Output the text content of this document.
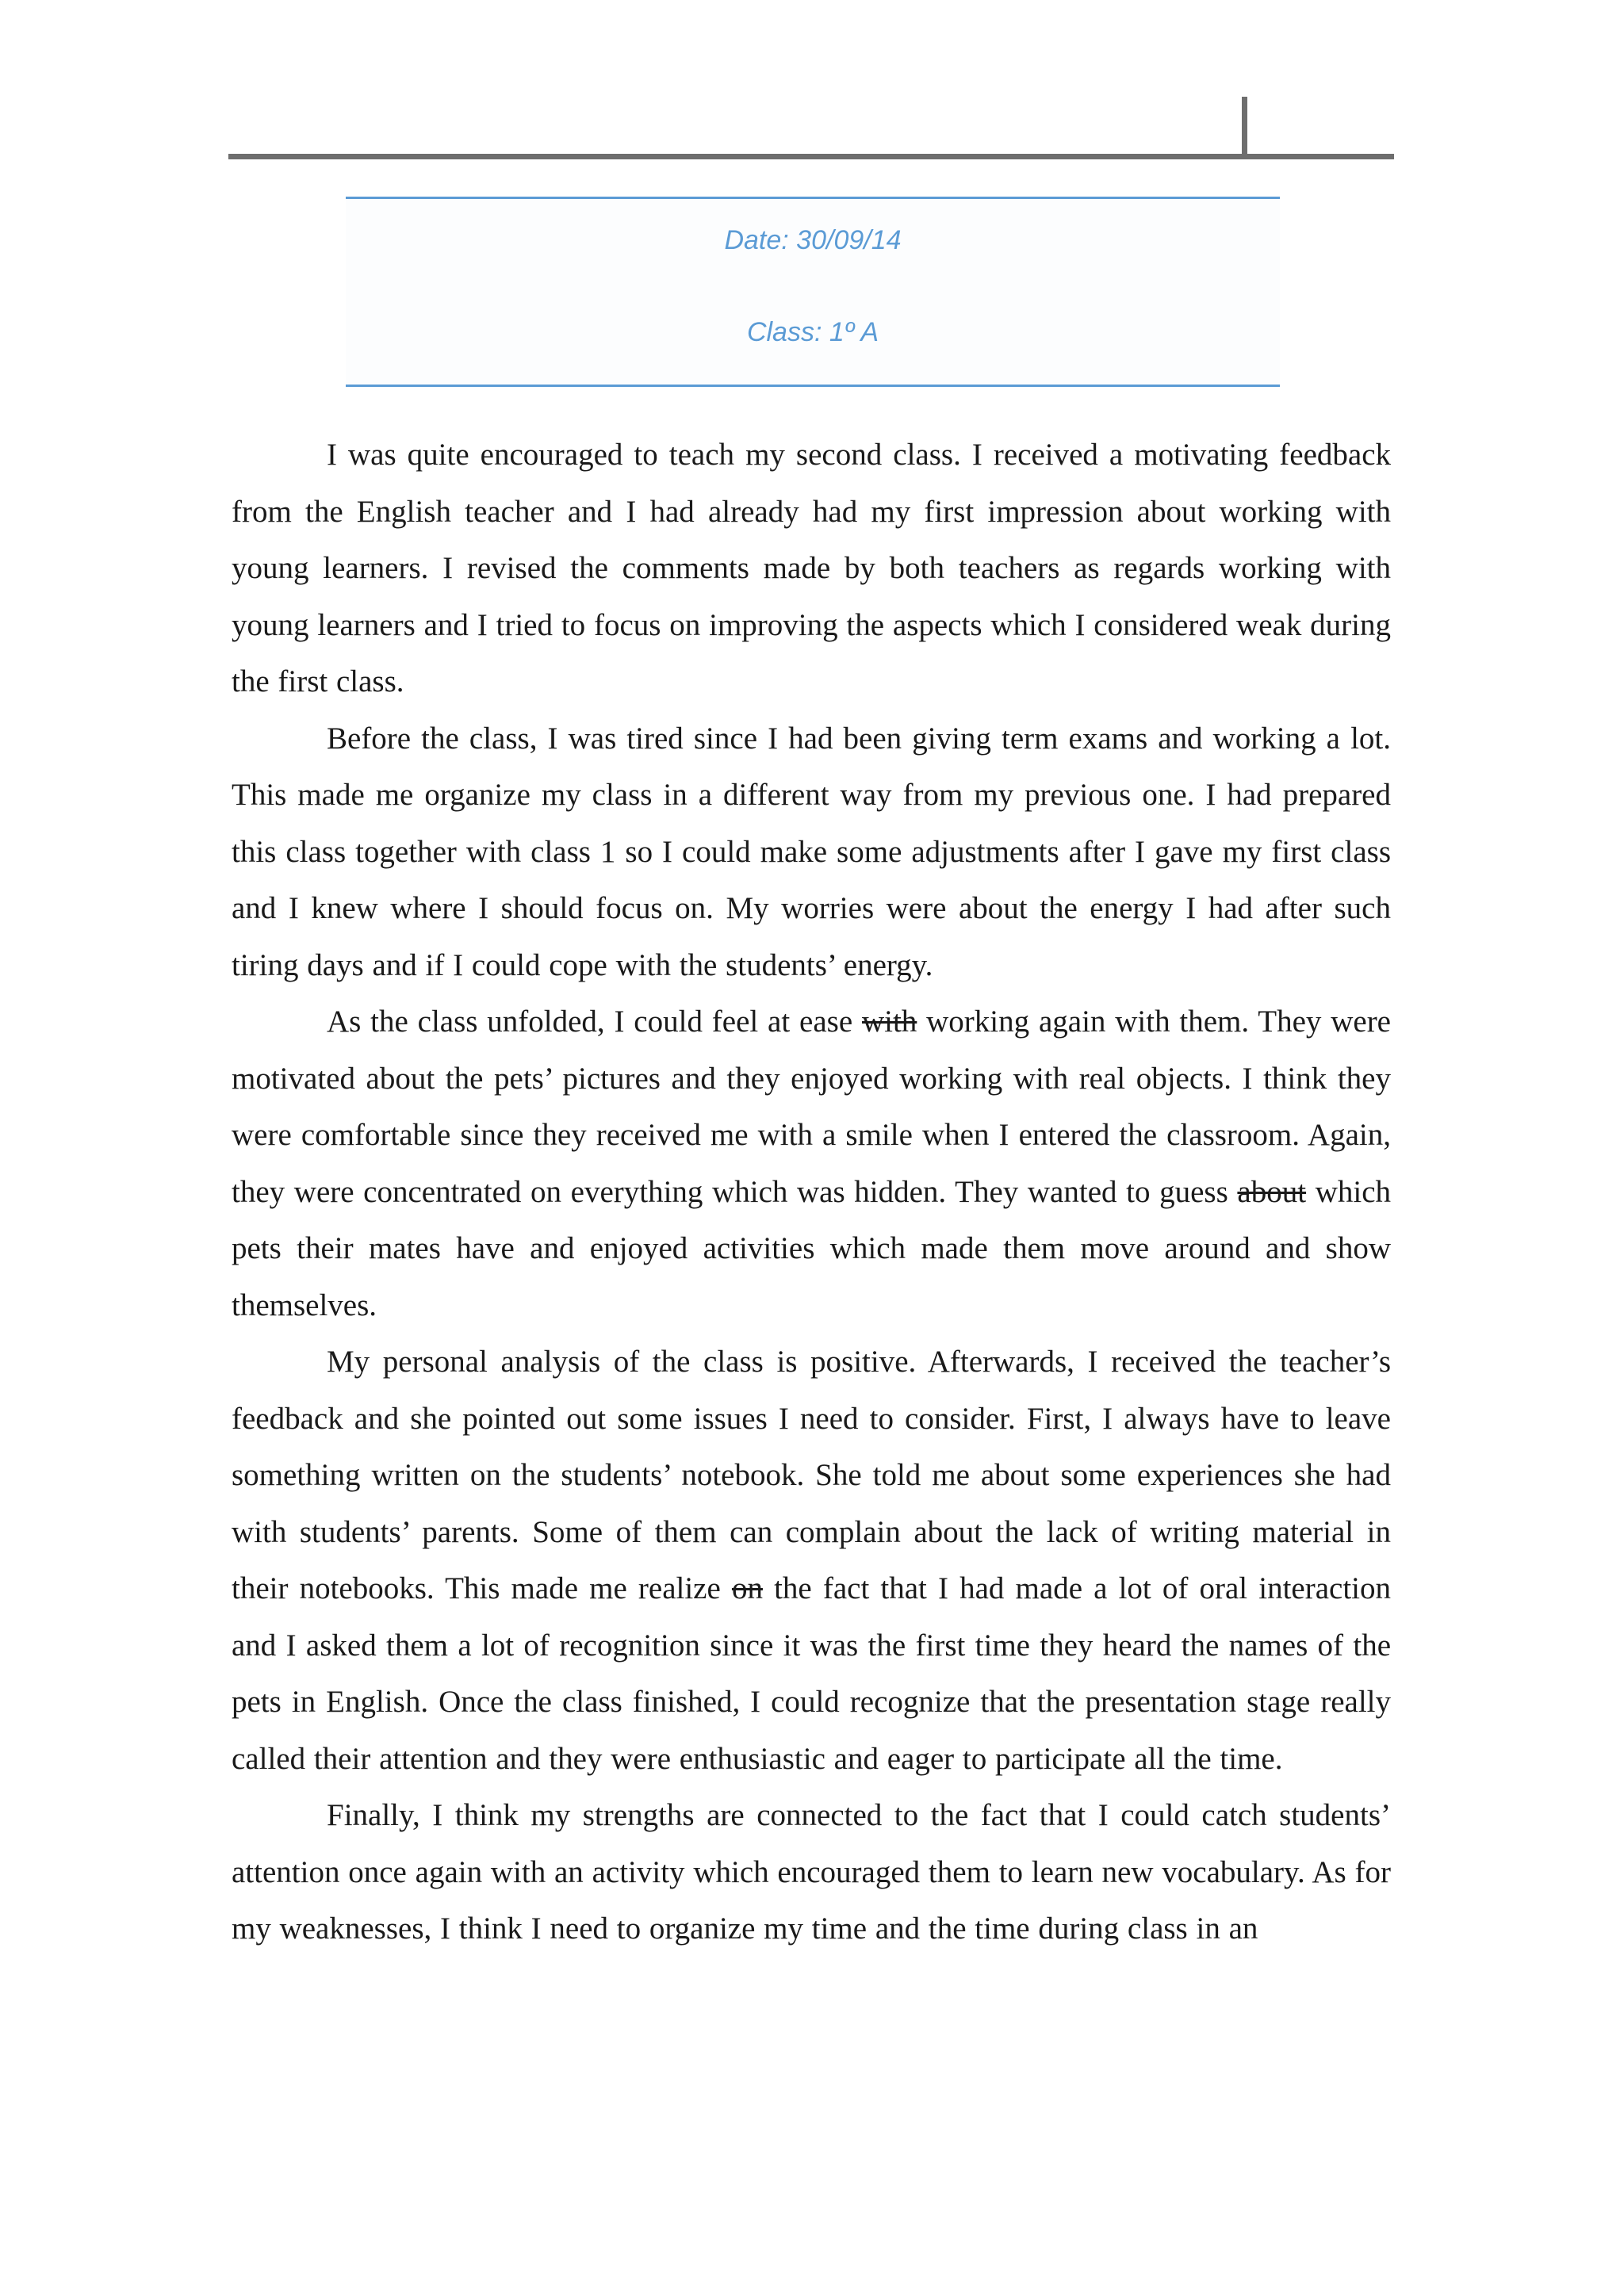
Date: 30/09/14
Class: 1º A

I was quite encouraged to teach my second class. I received a motivating feedback from the English teacher and I had already had my first impression about working with young learners. I revised the comments made by both teachers as regards working with young learners and I tried to focus on improving the aspects which I considered weak during the first class.

Before the class, I was tired since I had been giving term exams and working a lot. This made me organize my class in a different way from my previous one. I had prepared this class together with class 1 so I could make some adjustments after I gave my first class and I knew where I should focus on. My worries were about the energy I had after such tiring days and if I could cope with the students’ energy.

As the class unfolded, I could feel at ease with working again with them. They were motivated about the pets’ pictures and they enjoyed working with real objects. I think they were comfortable since they received me with a smile when I entered the classroom. Again, they were concentrated on everything which was hidden. They wanted to guess about which pets their mates have and enjoyed activities which made them move around and show themselves.

My personal analysis of the class is positive. Afterwards, I received the teacher’s feedback and she pointed out some issues I need to consider. First, I always have to leave something written on the students’ notebook. She told me about some experiences she had with students’ parents. Some of them can complain about the lack of writing material in their notebooks. This made me realize on the fact that I had made a lot of oral interaction and I asked them a lot of recognition since it was the first time they heard the names of the pets in English. Once the class finished, I could recognize that the presentation stage really called their attention and they were enthusiastic and eager to participate all the time.

Finally, I think my strengths are connected to the fact that I could catch students’ attention once again with an activity which encouraged them to learn new vocabulary. As for my weaknesses, I think I need to organize my time and the time during class in an
